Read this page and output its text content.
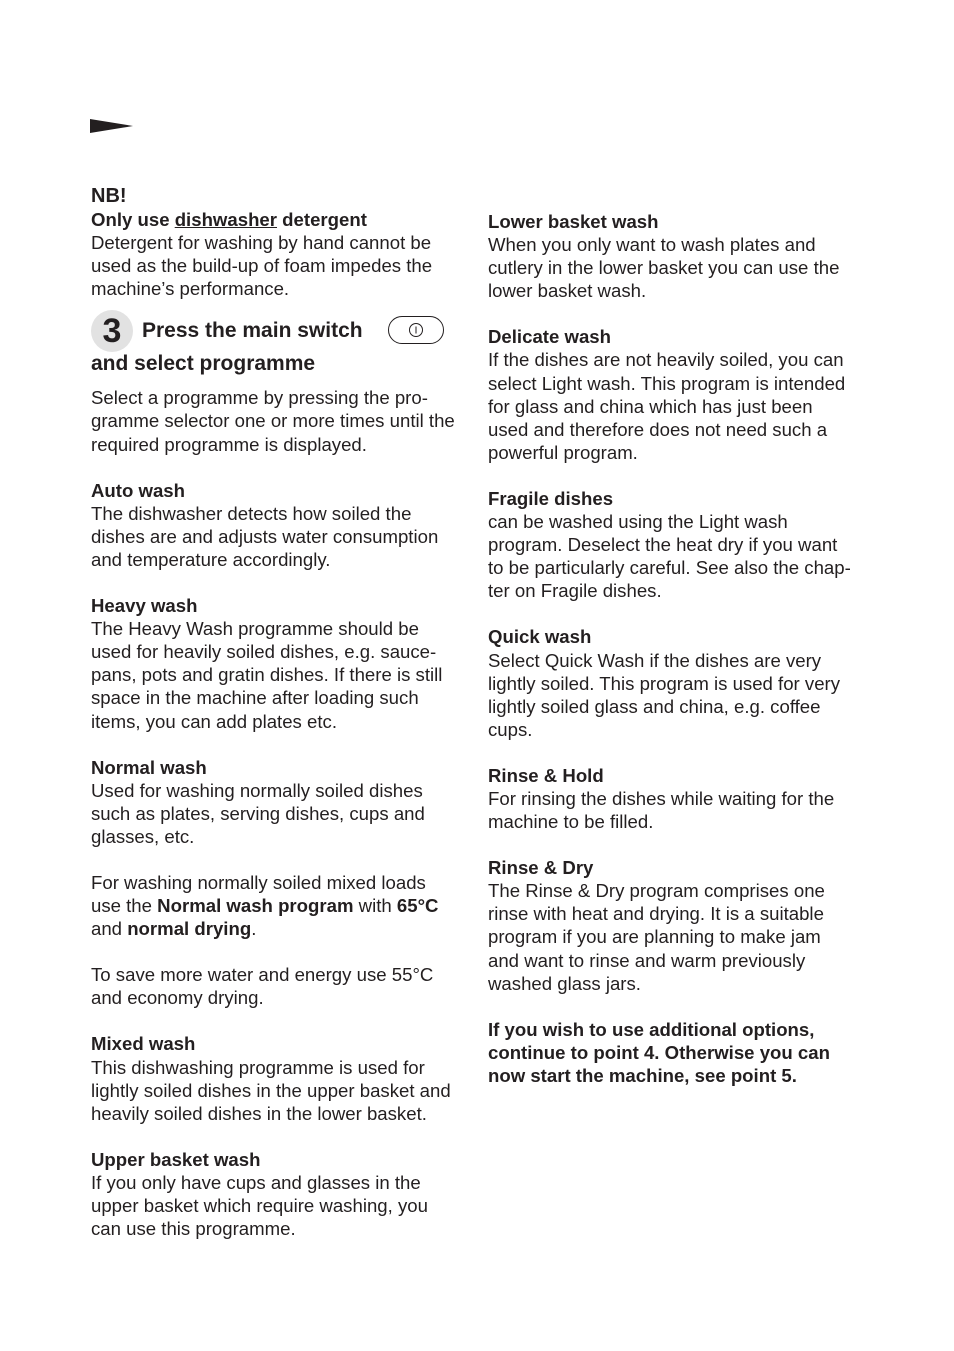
NB!

Only use dishwasher detergent

Detergent for washing by hand cannot be

used as the build-up of foam impedes the

machine’s performance.

3 Press the main switch
and select programme

Select a programme by pressing the pro-

gramme selector one or more times until the

required programme is displayed.

Auto wash

The dishwasher detects how soiled the

dishes are and adjusts water consumption

and temperature accordingly.

Heavy wash

The Heavy Wash programme should be

used for heavily soiled dishes, e.g. sauce-

pans, pots and gratin dishes. If there is still

space in the machine after loading such

items, you can add plates etc.

Normal wash

Used for washing normally soiled dishes

such as plates, serving dishes, cups and

glasses, etc.

For washing normally soiled mixed loads

use the Normal wash program with 65°C

and normal drying.

To save more water and energy use 55°C

and economy drying.

Mixed wash

This dishwashing programme is used for

lightly soiled dishes in the upper basket and

heavily soiled dishes in the lower basket.

Upper basket wash

If you only have cups and glasses in the

upper basket which require washing, you

can use this programme.

Lower basket wash

When you only want to wash plates and

cutlery in the lower basket you can use the

lower basket wash.

Delicate wash

If the dishes are not heavily soiled, you can

select Light wash. This program is intended

for glass and china which has just been

used and therefore does not need such a

powerful program.

Fragile dishes

can be washed using the Light wash

program. Deselect the heat dry if you want

to be particularly careful. See also the chap-

ter on Fragile dishes.

Quick wash

Select Quick Wash if the dishes are very

lightly soiled. This program is used for very

lightly soiled glass and china, e.g. coffee

cups.

Rinse & Hold

For rinsing the dishes while waiting for the

machine to be filled.

Rinse & Dry

The Rinse & Dry program comprises one

rinse with heat and drying. It is a suitable

program if you are planning to make jam

and want to rinse and warm previously

washed glass jars.

If you wish to use additional options,

continue to point 4. Otherwise you can

now start the machine, see point 5.
